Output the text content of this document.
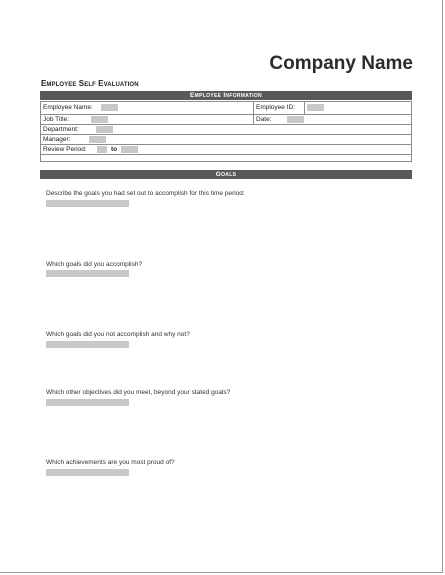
Company Name
Employee Self Evaluation
Employee Information
Employee Name:		Employee ID:	
Job Title:		Date:	
Department:			
Manager:			
Review Period:	to		

Goals
Describe the goals you had set out to accomplish for this time period:
Which goals did you accomplish?
Which goals did you not accomplish and why not?
Which other objectives did you meet, beyond your stated goals?
Which achievements are you most proud of?
